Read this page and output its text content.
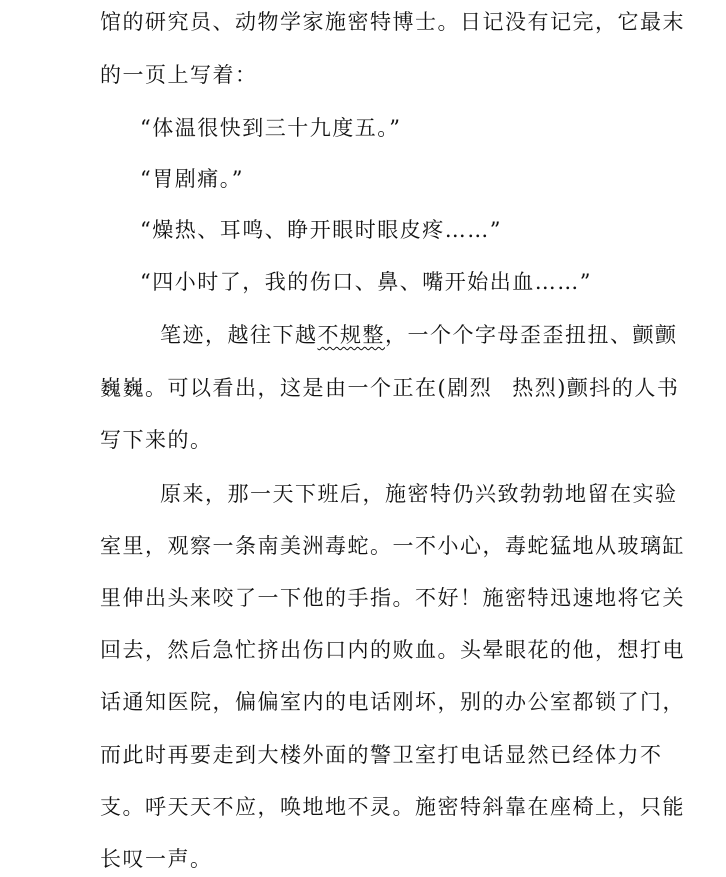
馆的研究员、动物学家施密特博士。日记没有记完，它最末
的一页上写着：
“体温很快到三十九度五。”
“胃剧痛。”
“燥热、耳鸣、睁开眼时眼皮疼……”
“四小时了，我的伤口、鼻、嘴开始出血……”
笔迹，越往下越不规整，一个个字母歪歪扭扭、颤颤
巍巍。可以看出，这是由一个正在(剧烈 热烈)颤抖的人书
写下来的。
原来，那一天下班后，施密特仍兴致勃勃地留在实验
室里，观察一条南美洲毒蛇。一不小心，毒蛇猛地从玻璃缸
里伸出头来咬了一下他的手指。不好！施密特迅速地将它关
回去，然后急忙挤出伤口内的败血。头晕眼花的他，想打电
话通知医院，偏偏室内的电话刚坏，别的办公室都锁了门，
而此时再要走到大楼外面的警卫室打电话显然已经体力不
支。呼天天不应，唤地地不灵。施密特斜靠在座椅上，只能
长叹一声。
